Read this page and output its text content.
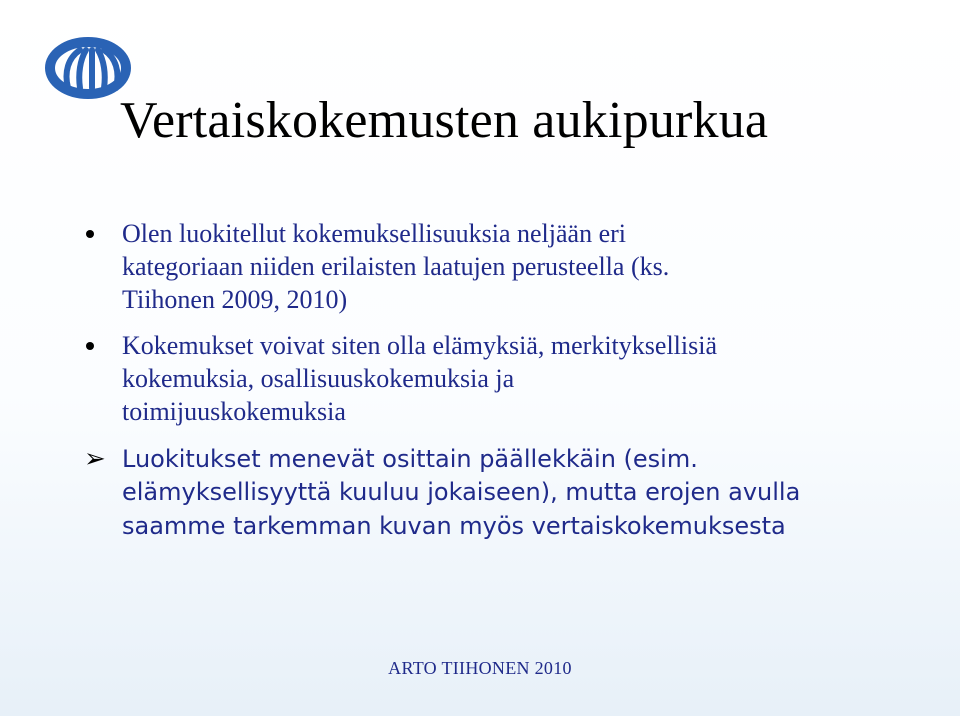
Vertaiskokemusten aukipurkua
Olen luokitellut kokemuksellisuuksia neljään eri
kategoriaan niiden erilaisten laatujen perusteella (ks.
Tiihonen 2009, 2010)
Kokemukset voivat siten olla elämyksiä, merkityksellisiä
kokemuksia, osallisuuskokemuksia ja
toimijuuskokemuksia
➢ Luokitukset menevät osittain päällekkäin (esim.
elämyksellisyyttä kuuluu jokaiseen), mutta erojen avulla
saamme tarkemman kuvan myös vertaiskokemuksesta
ARTO TIIHONEN 2010
